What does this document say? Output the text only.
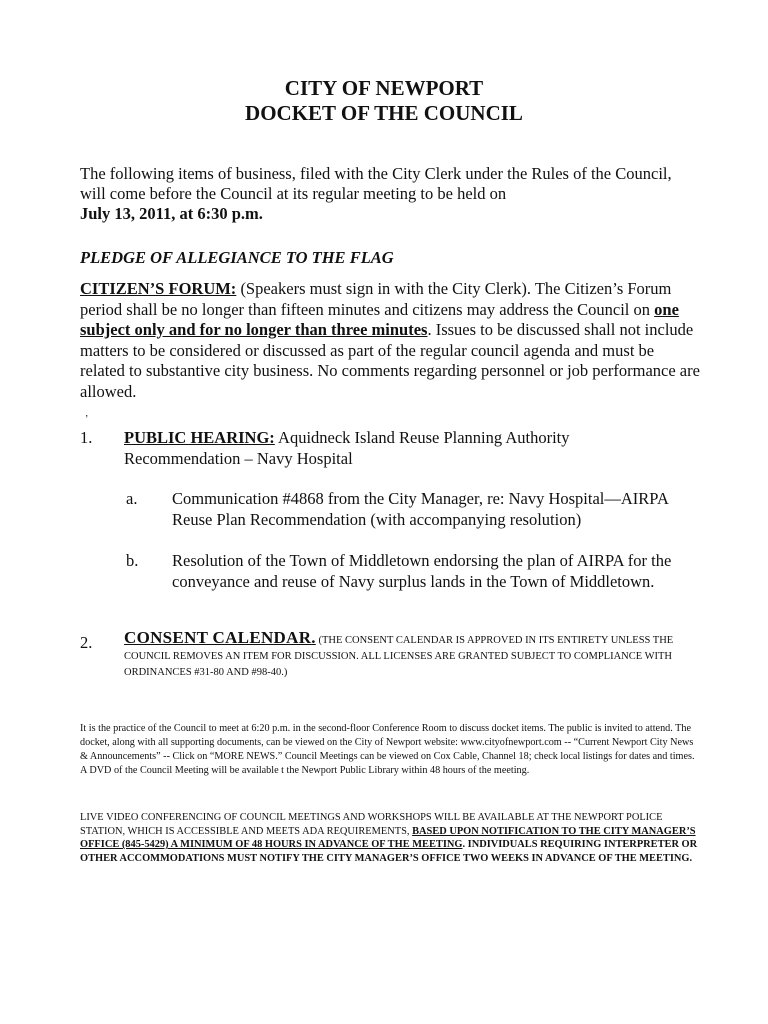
CITY OF NEWPORT
DOCKET OF THE COUNCIL
The following items of business, filed with the City Clerk under the Rules of the Council, will come before the Council at its regular meeting to be held on
July 13, 2011, at 6:30 p.m.
PLEDGE OF ALLEGIANCE TO THE FLAG
CITIZEN’S FORUM: (Speakers must sign in with the City Clerk). The Citizen’s Forum period shall be no longer than fifteen minutes and citizens may address the Council on one subject only and for no longer than three minutes. Issues to be discussed shall not include matters to be considered or discussed as part of the regular council agenda and must be related to substantive city business. No comments regarding personnel or job performance are allowed.
‚
1. PUBLIC HEARING: Aquidneck Island Reuse Planning Authority Recommendation – Navy Hospital
a. Communication #4868 from the City Manager, re: Navy Hospital—AIRPA Reuse Plan Recommendation (with accompanying resolution)
b. Resolution of the Town of Middletown endorsing the plan of AIRPA for the conveyance and reuse of Navy surplus lands in the Town of Middletown.
2. CONSENT CALENDAR. (THE CONSENT CALENDAR IS APPROVED IN ITS ENTIRETY UNLESS THE COUNCIL REMOVES AN ITEM FOR DISCUSSION. ALL LICENSES ARE GRANTED SUBJECT TO COMPLIANCE WITH ORDINANCES #31-80 AND #98-40.)
It is the practice of the Council to meet at 6:20 p.m. in the second-floor Conference Room to discuss docket items. The public is invited to attend. The docket, along with all supporting documents, can be viewed on the City of Newport website: www.cityofnewport.com -- “Current Newport City News & Announcements” -- Click on “MORE NEWS.” Council Meetings can be viewed on Cox Cable, Channel 18; check local listings for dates and times. A DVD of the Council Meeting will be available t the Newport Public Library within 48 hours of the meeting.
LIVE VIDEO CONFERENCING OF COUNCIL MEETINGS AND WORKSHOPS WILL BE AVAILABLE AT THE NEWPORT POLICE STATION, WHICH IS ACCESSIBLE AND MEETS ADA REQUIREMENTS, BASED UPON NOTIFICATION TO THE CITY MANAGER’S OFFICE (845-5429) A MINIMUM OF 48 HOURS IN ADVANCE OF THE MEETING. INDIVIDUALS REQUIRING INTERPRETER OR OTHER ACCOMMODATIONS MUST NOTIFY THE CITY MANAGER’S OFFICE TWO WEEKS IN ADVANCE OF THE MEETING.
